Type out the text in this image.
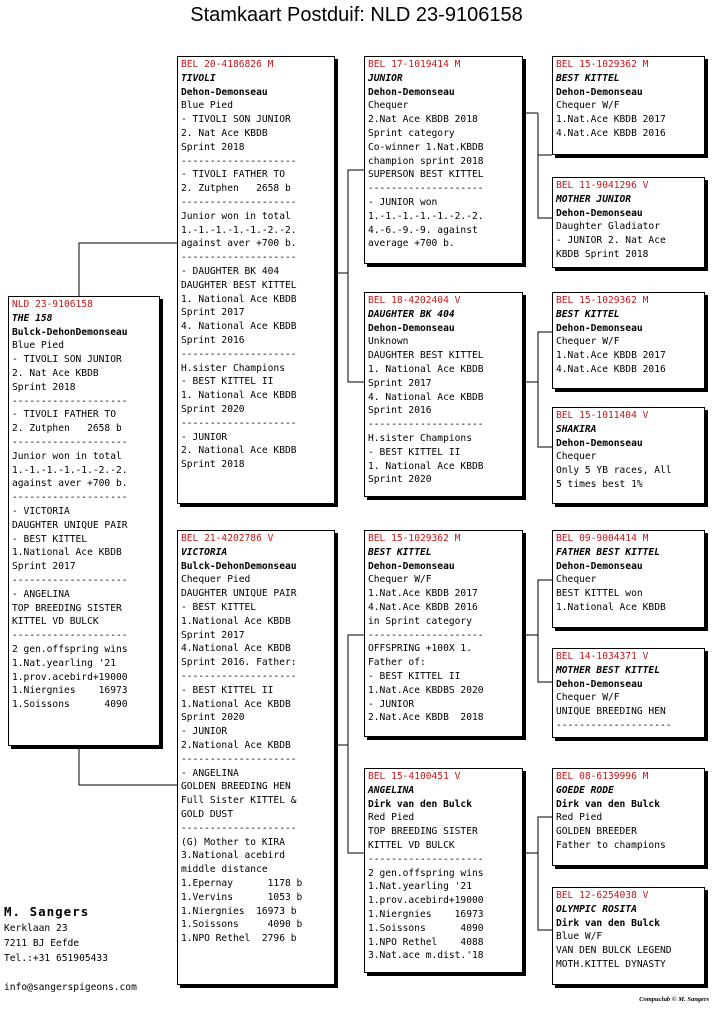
Stamkaart Postduif: NLD 23-9106158
NLD 23-9106158
THE 158
Bulck-DehonDemonseau
Blue Pied
- TIVOLI SON JUNIOR
2. Nat Ace KBDB
Sprint 2018
--------------------
- TIVOLI FATHER TO
2. Zutphen   2658 b
--------------------
Junior won in total
1.-1.-1.-1.-1.-2.-2.
against aver +700 b.
--------------------
- VICTORIA
DAUGHTER UNIQUE PAIR
- BEST KITTEL
1.National Ace KBDB
Sprint 2017
--------------------
- ANGELINA
TOP BREEDING SISTER
KITTEL VD BULCK
--------------------
2 gen.offspring wins
1.Nat.yearling '21
1.prov.acebird+19000
1.Niergnies    16973
1.Soissons      4090
BEL 20-4186826 M
TIVOLI
Dehon-Demonseau
Blue Pied
- TIVOLI SON JUNIOR
2. Nat Ace KBDB
Sprint 2018
--------------------
- TIVOLI FATHER TO
2. Zutphen   2658 b
--------------------
Junior won in total
1.-1.-1.-1.-1.-2.-2.
against aver +700 b.
--------------------
- DAUGHTER BK 404
DAUGHTER BEST KITTEL
1. National Ace KBDB
Sprint 2017
4. National Ace KBDB
Sprint 2016
--------------------
H.sister Champions
- BEST KITTEL II
1. National Ace KBDB
Sprint 2020
--------------------
- JUNIOR
2. National Ace KBDB
Sprint 2018
BEL 21-4202786 V
VICTORIA
Bulck-DehonDemonseau
Chequer Pied
DAUGHTER UNIQUE PAIR
- BEST KITTEL
1.National Ace KBDB
Sprint 2017
4.National Ace KBDB
Sprint 2016. Father:
--------------------
- BEST KITTEL II
1.National Ace KBDB
Sprint 2020
- JUNIOR
2.National Ace KBDB
--------------------
- ANGELINA
GOLDEN BREEDING HEN
Full Sister KITTEL &
GOLD DUST
--------------------
(G) Mother to KIRA
3.National acebird
middle distance
1.Epernay      1178 b
1.Vervins      1053 b
1.Niergnies  16973 b
1.Soissons     4090 b
1.NPO Rethel  2796 b
BEL 17-1019414 M
JUNIOR
Dehon-Demonseau
Chequer
2.Nat Ace KBDB 2018
Sprint category
Co-winner 1.Nat.KBDB
champion sprint 2018
SUPERSON BEST KITTEL
--------------------
- JUNIOR won
1.-1.-1.-1.-1.-2.-2.
4.-6.-9.-9. against
average +700 b.
BEL 18-4202404 V
DAUGHTER BK 404
Dehon-Demonseau
Unknown
DAUGHTER BEST KITTEL
1. National Ace KBDB
Sprint 2017
4. National Ace KBDB
Sprint 2016
--------------------
H.sister Champions
- BEST KITTEL II
1. National Ace KBDB
Sprint 2020
BEL 15-1029362 M
BEST KITTEL
Dehon-Demonseau
Chequer W/F
1.Nat.Ace KBDB 2017
4.Nat.Ace KBDB 2016
in Sprint category
--------------------
OFFSPRING +100X 1.
Father of:
- BEST KITTEL II
1.Nat.Ace KBDBS 2020
- JUNIOR
2.Nat.Ace KBDB  2018
BEL 15-4100451 V
ANGELINA
Dirk van den Bulck
Red Pied
TOP BREEDING SISTER
KITTEL VD BULCK
--------------------
2 gen.offspring wins
1.Nat.yearling '21
1.prov.acebird+19000
1.Niergnies    16973
1.Soissons      4090
1.NPO Rethel    4088
3.Nat.ace m.dist.'18
BEL 15-1029362 M
BEST KITTEL
Dehon-Demonseau
Chequer W/F
1.Nat.Ace KBDB 2017
4.Nat.Ace KBDB 2016
BEL 11-9041296 V
MOTHER JUNIOR
Dehon-Demonseau
Daughter Gladiator
- JUNIOR 2. Nat Ace
KBDB Sprint 2018
BEL 15-1029362 M
BEST KITTEL
Dehon-Demonseau
Chequer W/F
1.Nat.Ace KBDB 2017
4.Nat.Ace KBDB 2016
BEL 15-1011404 V
SHAKIRA
Dehon-Demonseau
Chequer
Only 5 YB races, All
5 times best 1%
BEL 09-9004414 M
FATHER BEST KITTEL
Dehon-Demonseau
Chequer
BEST KITTEL won
1.National Ace KBDB
BEL 14-1034371 V
MOTHER BEST KITTEL
Dehon-Demonseau
Chequer W/F
UNIQUE BREEDING HEN
--------------------
BEL 08-6139996 M
GOEDE RODE
Dirk van den Bulck
Red Pied
GOLDEN BREEDER
Father to champions
BEL 12-6254038 V
OLYMPIC ROSITA
Dirk van den Bulck
Blue W/F
VAN DEN BULCK LEGEND
MOTH.KITTEL DYNASTY
M. Sangers
Kerklaan 23
7211 BJ Eefde
Tel.:+31 651905433
info@sangerspigeons.com
Compuclub © M. Sangers
